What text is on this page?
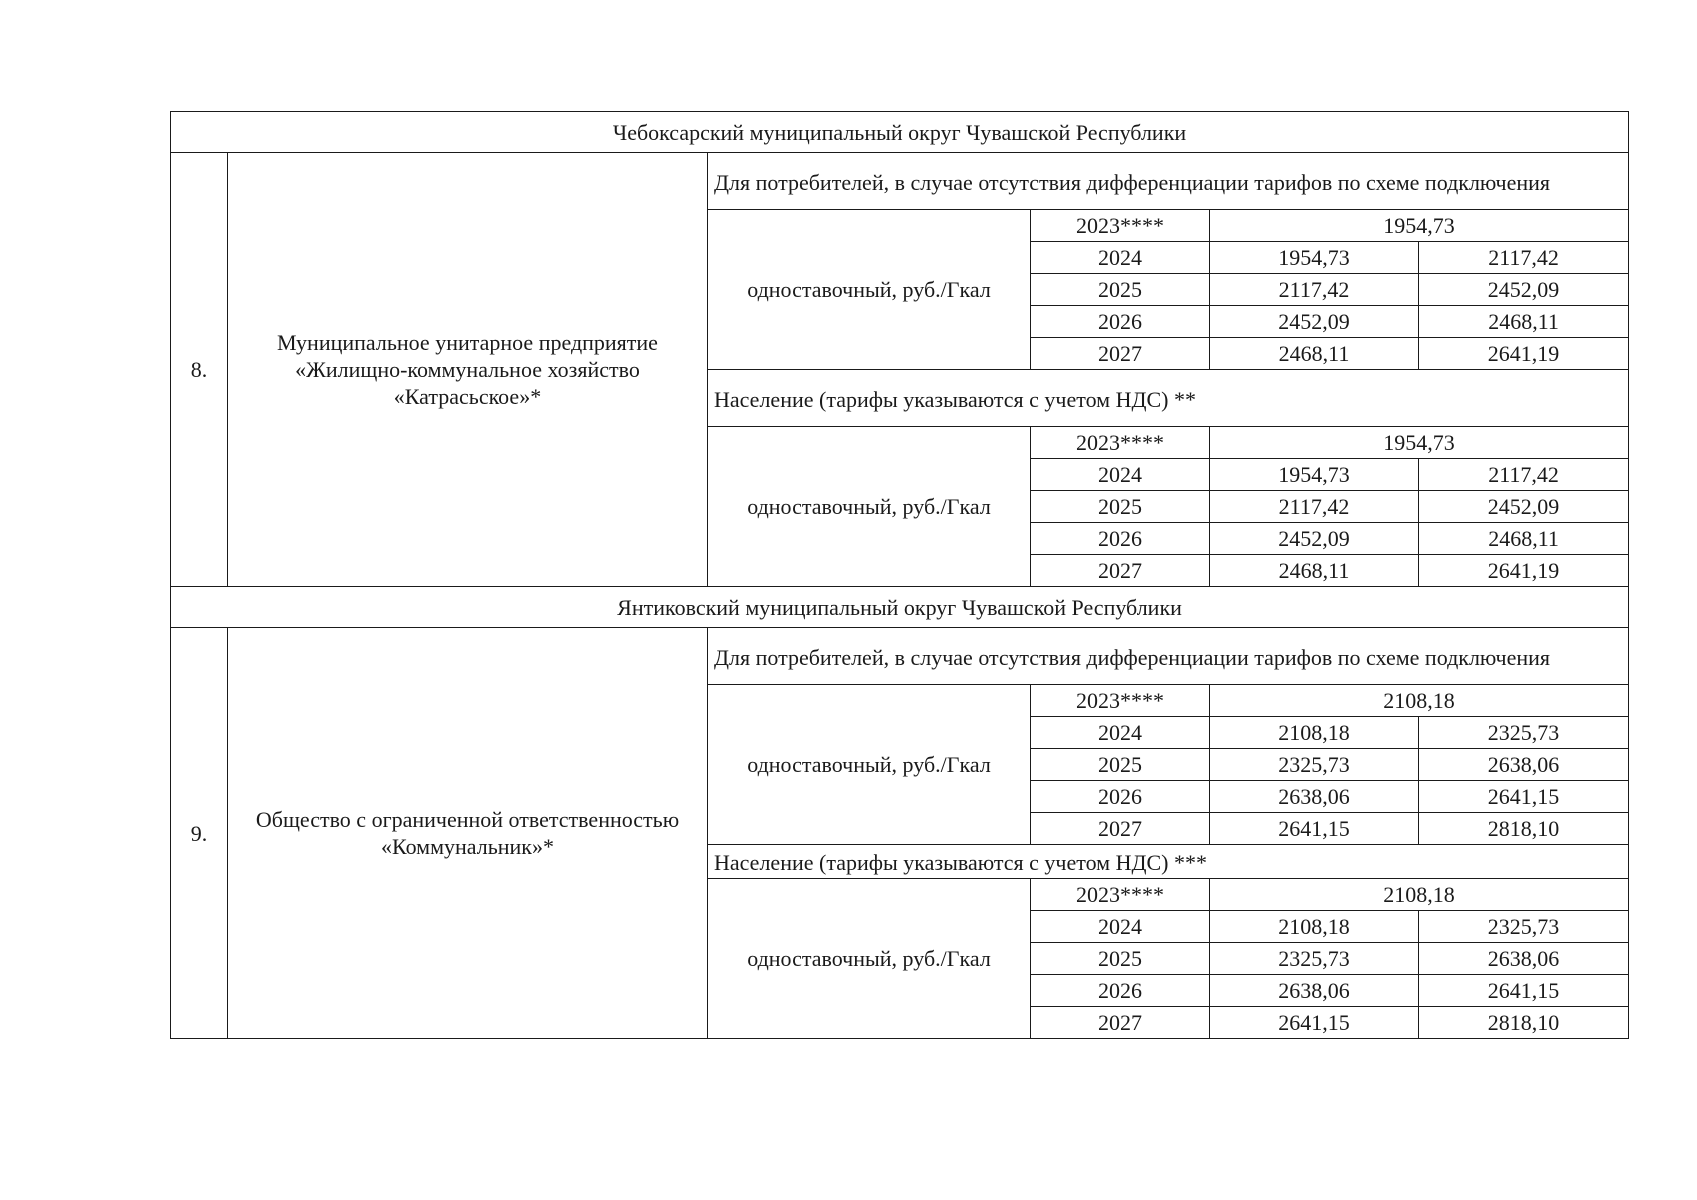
Чебоксарский муниципальный округ Чувашской Республики					
8.	Муниципальное унитарное предприятие «Жилищно-коммунальное хозяйство «Катрасьское»*	Для потребителей, в случае отсутствия дифференциации тарифов по схеме подключения			
		одноставочный, руб./Гкал	2023****	1954,73	
			2024	1954,73	2117,42
			2025	2117,42	2452,09
			2026	2452,09	2468,11
			2027	2468,11	2641,19
		Население (тарифы указываются с учетом НДС) **			
		одноставочный, руб./Гкал	2023****	1954,73	
			2024	1954,73	2117,42
			2025	2117,42	2452,09
			2026	2452,09	2468,11
			2027	2468,11	2641,19
Янтиковский муниципальный округ Чувашской Республики					
9.	Общество с ограниченной ответственностью «Коммунальник»*	Для потребителей, в случае отсутствия дифференциации тарифов по схеме подключения			
		одноставочный, руб./Гкал	2023****	2108,18	
			2024	2108,18	2325,73
			2025	2325,73	2638,06
			2026	2638,06	2641,15
			2027	2641,15	2818,10
		Население (тарифы указываются с учетом НДС) ***			
		одноставочный, руб./Гкал	2023****	2108,18	
			2024	2108,18	2325,73
			2025	2325,73	2638,06
			2026	2638,06	2641,15
			2027	2641,15	2818,10
